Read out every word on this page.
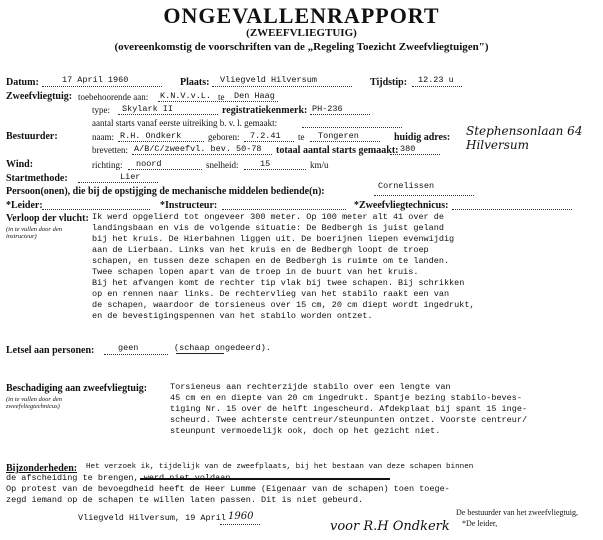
ONGEVALLENRAPPORT
(ZWEEFVLIEGTUIG)
(overeenkomstig de voorschriften van de „Regeling Toezicht Zweefvliegtuigen")
Datum:	17 April 1960	Plaats: Vliegveld Hilversum	Tijdstip: 12.23 u
Zweefvliegtuig: toebehoorende aan: K.N.V.v.L. te Den Haag
type: Skylark II	registratiekenmerk: PH-236
aantal starts vanaf eerste uitreiking b. v. l. gemaakt:
Bestuurder:	naam: R.H. Ondkerk	geboren: 7.2.41 te Tongeren	huidig adres: Stephensonlaan 64 Hilversum
brevetten: A/B/C/zweefvl. bev. 50-78 totaal aantal starts gemaakt: 380
Wind:	richting: noord	snelheid:	15	km/u
Startmethode:	Lier
Persoon(onen), die bij de opstijging de mechanische middelen bediende(n):	Cornelissen
*Leider:	*Instructeur:	*Zweefvliegtechnicus:
Verloop der vlucht:
(in te vullen door den instructeur)
Ik werd opgelierd tot ongeveer 300 meter. Op 100 meter alt 41 over de
landingsbaan en vis de volgende situatie: De Bedbergh is juist geland
bij het kruis. De Hierbahnen liggen uit. De boerijnen liepen evenwijdig
aan de Lierbaan. Links van het kruis en de Bedbergh loopt de troep
schapen, en tussen deze schapen en de Bedbergh is ruimte om te landen.
Twee schapen lopen apart van de troep in de buurt van het kruis.
Bij het afvangen komt de rechter tip vlak bij twee schapen. Bij schrikken
op en rennen naar links. De rechtervlieg van het stabilo raakt een van
de schapen, waardoor de torsieneus over 15 cm, 20 cm diept wordt ingedrukt,
en de bevestigingspennen van het stabilo worden ontzet.
Letsel aan personen:	geen	(schaap ongedeerd).
Beschadiging aan zweefvliegtuig:
(in te vullen door den zweefvliegtechnicus)
Torsieneus aan rechterzijde stabilo over een lengte van
45 cm en en diepte van 20 cm ingedrukt. Spantje bezing stabilo-beves-
tiging Nr. 15 over de helft ingescheurd. Afdekplaat bij spant 15 inge-
scheurd. Twee achterste centreur/steunpunten ontzet. Voorste centreur/
steunpunt vermoedelijk ook, doch op het gezicht niet.
Bijzonderheden: Het verzoek ik, tijdelijk van de zweefplaats, bij het bestaan van deze schapen binnen
de afscheiding te brengen, werd niet voldaan.
Op protest van de bevoegdheid heeft de Heer Lumme (Eigenaar van de schapen) toen toege-
zegd iemand op de schapen te willen laten passen. Dit is niet gebeurd.
Vliegveld Hilversum, 19 April 1960
voor R.H Ondkerk
De bestuurder van het zweefvliegtuig,
*De leider,
